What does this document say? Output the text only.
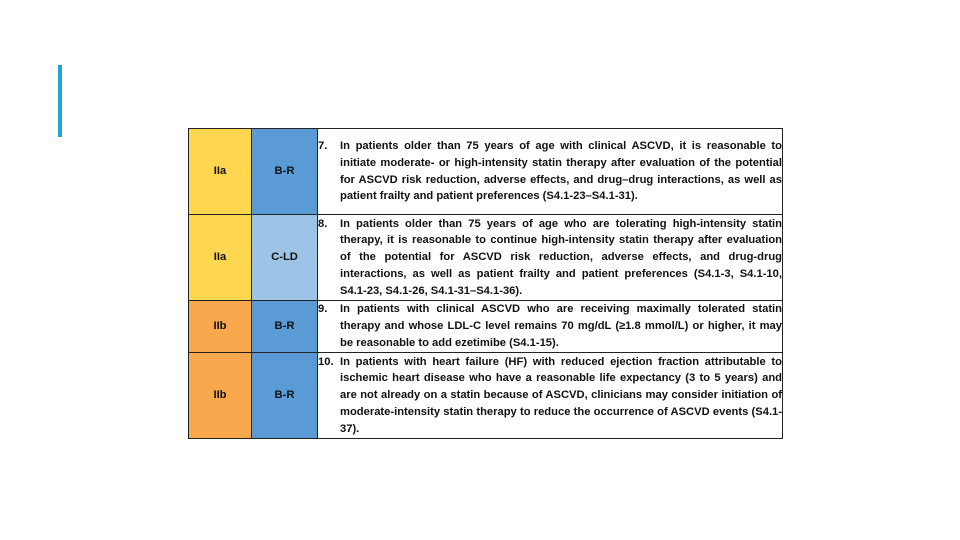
IIa	B-R	7. In patients older than 75 years of age with clinical ASCVD, it is reasonable to initiate moderate- or high-intensity statin therapy after evaluation of the potential for ASCVD risk reduction, adverse effects, and drug–drug interactions, as well as patient frailty and patient preferences (S4.1-23–S4.1-31).

IIa	C-LD	8. In patients older than 75 years of age who are tolerating high-intensity statin therapy, it is reasonable to continue high-intensity statin therapy after evaluation of the potential for ASCVD risk reduction, adverse effects, and drug-drug interactions, as well as patient frailty and patient preferences (S4.1-3, S4.1-10, S4.1-23, S4.1-26, S4.1-31–S4.1-36).

IIb	B-R	9. In patients with clinical ASCVD who are receiving maximally tolerated statin therapy and whose LDL-C level remains 70 mg/dL (≥1.8 mmol/L) or higher, it may be reasonable to add ezetimibe (S4.1-15).

IIb	B-R	10. In patients with heart failure (HF) with reduced ejection fraction attributable to ischemic heart disease who have a reasonable life expectancy (3 to 5 years) and are not already on a statin because of ASCVD, clinicians may consider initiation of moderate-intensity statin therapy to reduce the occurrence of ASCVD events (S4.1-37).
